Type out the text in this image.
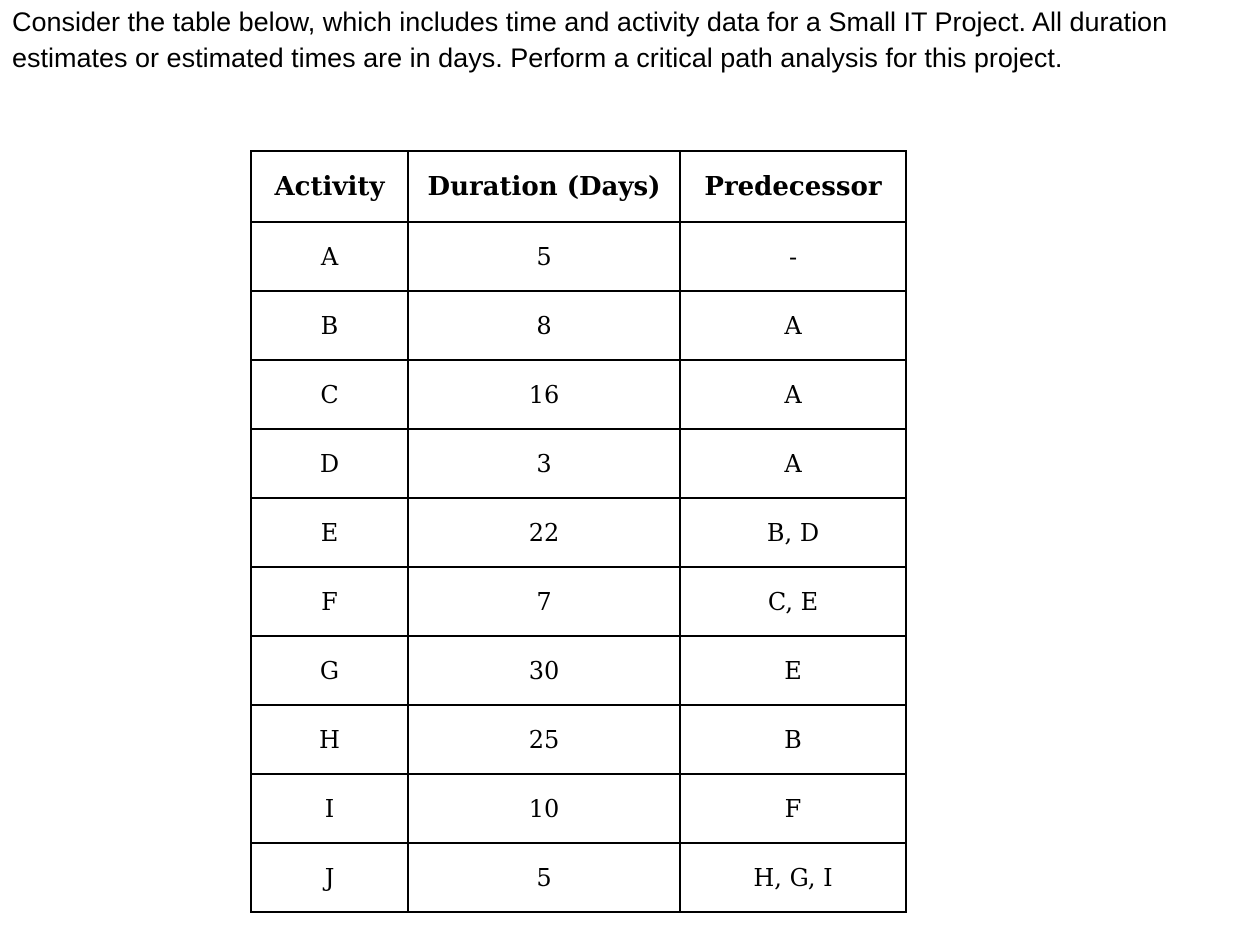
Consider the table below, which includes time and activity data for a Small IT Project. All duration estimates or estimated times are in days. Perform a critical path analysis for this project.

Activity	Duration (Days)	Predecessor
A	5	-
B	8	A
C	16	A
D	3	A
E	22	B, D
F	7	C, E
G	30	E
H	25	B
I	10	F
J	5	H, G, I
